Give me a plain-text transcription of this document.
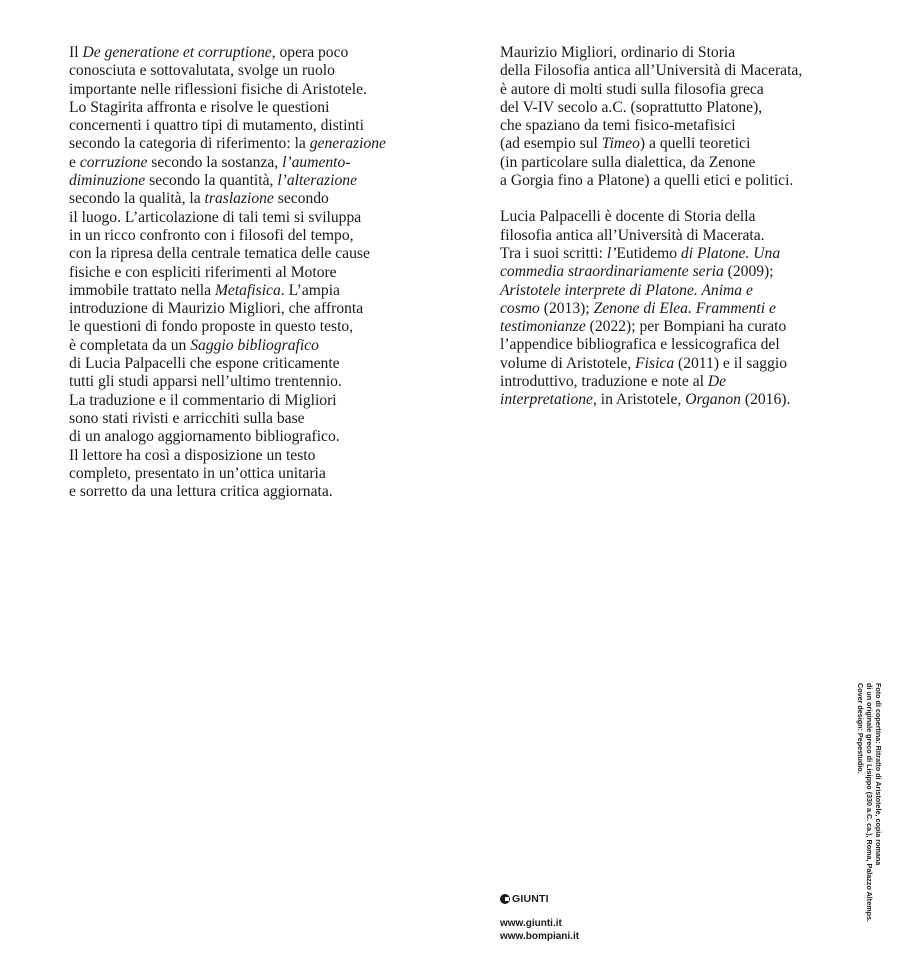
Il De generatione et corruptione, opera poco
conosciuta e sottovalutata, svolge un ruolo
importante nelle riflessioni fisiche di Aristotele.
Lo Stagirita affronta e risolve le questioni
concernenti i quattro tipi di mutamento, distinti
secondo la categoria di riferimento: la generazione
e corruzione secondo la sostanza, l’aumento-
diminuzione secondo la quantità, l’alterazione
secondo la qualità, la traslazione secondo
il luogo. L’articolazione di tali temi si sviluppa
in un ricco confronto con i filosofi del tempo,
con la ripresa della centrale tematica delle cause
fisiche e con espliciti riferimenti al Motore
immobile trattato nella Metafisica. L’ampia
introduzione di Maurizio Migliori, che affronta
le questioni di fondo proposte in questo testo,
è completata da un Saggio bibliografico
di Lucia Palpacelli che espone criticamente
tutti gli studi apparsi nell’ultimo trentennio.
La traduzione e il commentario di Migliori
sono stati rivisti e arricchiti sulla base
di un analogo aggiornamento bibliografico.
Il lettore ha così a disposizione un testo
completo, presentato in un’ottica unitaria
e sorretto da una lettura critica aggiornata.
Maurizio Migliori, ordinario di Storia
della Filosofia antica all’Università di Macerata,
è autore di molti studi sulla filosofia greca
del V-IV secolo a.C. (soprattutto Platone),
che spaziano da temi fisico-metafisici
(ad esempio sul Timeo) a quelli teoretici
(in particolare sulla dialettica, da Zenone
a Gorgia fino a Platone) a quelli etici e politici.
Lucia Palpacelli è docente di Storia della
filosofia antica all’Università di Macerata.
Tra i suoi scritti: l’Eutidemo di Platone. Una
commedia straordinariamente seria (2009);
Aristotele interprete di Platone. Anima e
cosmo (2013); Zenone di Elea. Frammenti e
testimonianze (2022); per Bompiani ha curato
l’appendice bibliografica e lessicografica del
volume di Aristotele, Fisica (2011) e il saggio
introduttivo, traduzione e note al De
interpretatione, in Aristotele, Organon (2016).
GIUNTI
www.giunti.it
www.bompiani.it
Foto di copertina: Ritratto di Aristotele, copia romana
di un originale greco di Lisippo (330 a.C. ca.), Roma, Palazzo Altemps.
Cover design: Pepestudio.
